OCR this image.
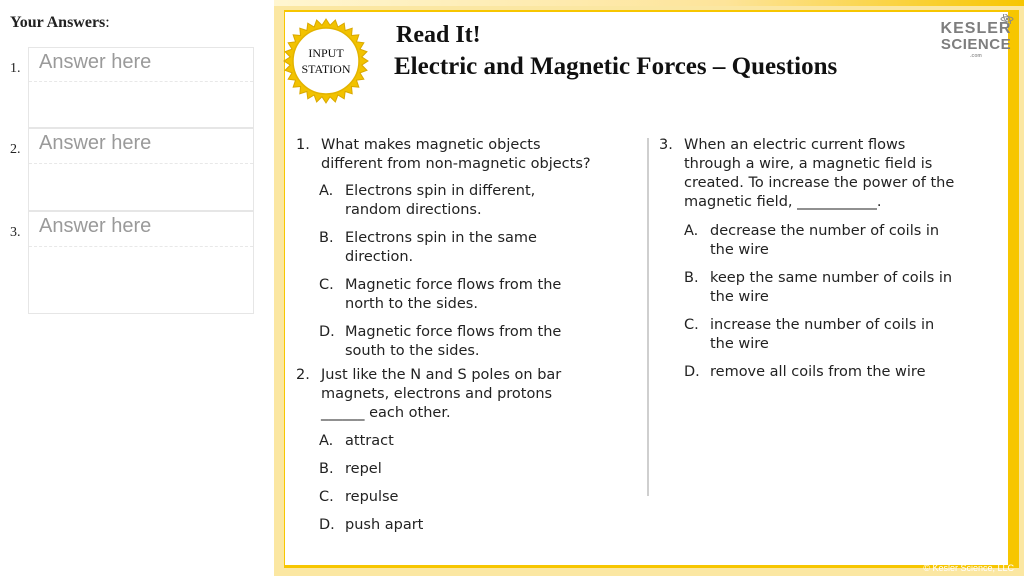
Your Answers:
1. Answer here
2. Answer here
3. Answer here
INPUT
STATION
Read It!
Electric and Magnetic Forces – Questions
KESLER
SCIENCE
.com
1. What makes magnetic objects
different from non-magnetic objects?
A. Electrons spin in different,
random directions.
B. Electrons spin in the same
direction.
C. Magnetic force flows from the
north to the sides.
D. Magnetic force flows from the
south to the sides.
2. Just like the N and S poles on bar
magnets, electrons and protons
______ each other.
A. attract
B. repel
C. repulse
D. push apart
3. When an electric current flows
through a wire, a magnetic field is
created. To increase the power of the
magnetic field, ___________.
A. decrease the number of coils in
the wire
B. keep the same number of coils in
the wire
C. increase the number of coils in
the wire
D. remove all coils from the wire
© Kesler Science, LLC
